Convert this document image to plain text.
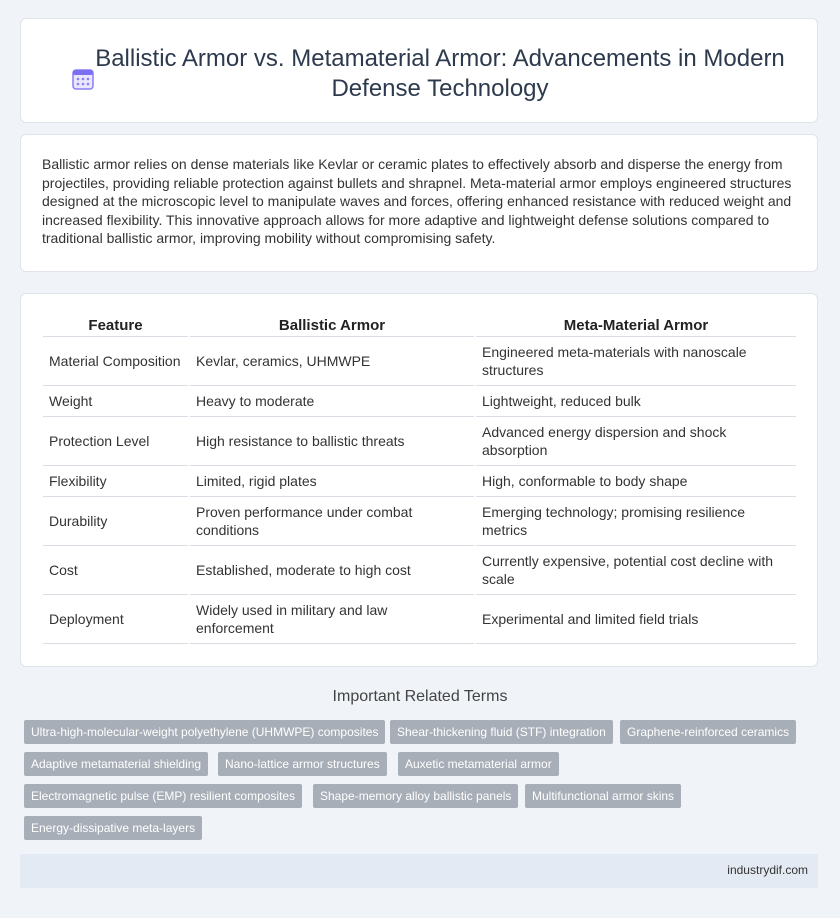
Ballistic Armor vs. Metamaterial Armor: Advancements in Modern Defense Technology

Ballistic armor relies on dense materials like Kevlar or ceramic plates to effectively absorb and disperse the energy from projectiles, providing reliable protection against bullets and shrapnel. Meta-material armor employs engineered structures designed at the microscopic level to manipulate waves and forces, offering enhanced resistance with reduced weight and increased flexibility. This innovative approach allows for more adaptive and lightweight defense solutions compared to traditional ballistic armor, improving mobility without compromising safety.

Feature	Ballistic Armor	Meta-Material Armor
Material Composition	Kevlar, ceramics, UHMWPE	Engineered meta-materials with nanoscale structures
Weight	Heavy to moderate	Lightweight, reduced bulk
Protection Level	High resistance to ballistic threats	Advanced energy dispersion and shock absorption
Flexibility	Limited, rigid plates	High, conformable to body shape
Durability	Proven performance under combat conditions	Emerging technology; promising resilience metrics
Cost	Established, moderate to high cost	Currently expensive, potential cost decline with scale
Deployment	Widely used in military and law enforcement	Experimental and limited field trials
Important Related Terms
Ultra-high-molecular-weight polyethylene (UHMWPE) composites	Shear-thickening fluid (STF) integration	Graphene-reinforced ceramics
Adaptive metamaterial shielding	Nano-lattice armor structures	Auxetic metamaterial armor
Electromagnetic pulse (EMP) resilient composites	Shape-memory alloy ballistic panels	Multifunctional armor skins
Energy-dissipative meta-layers
industrydif.com
